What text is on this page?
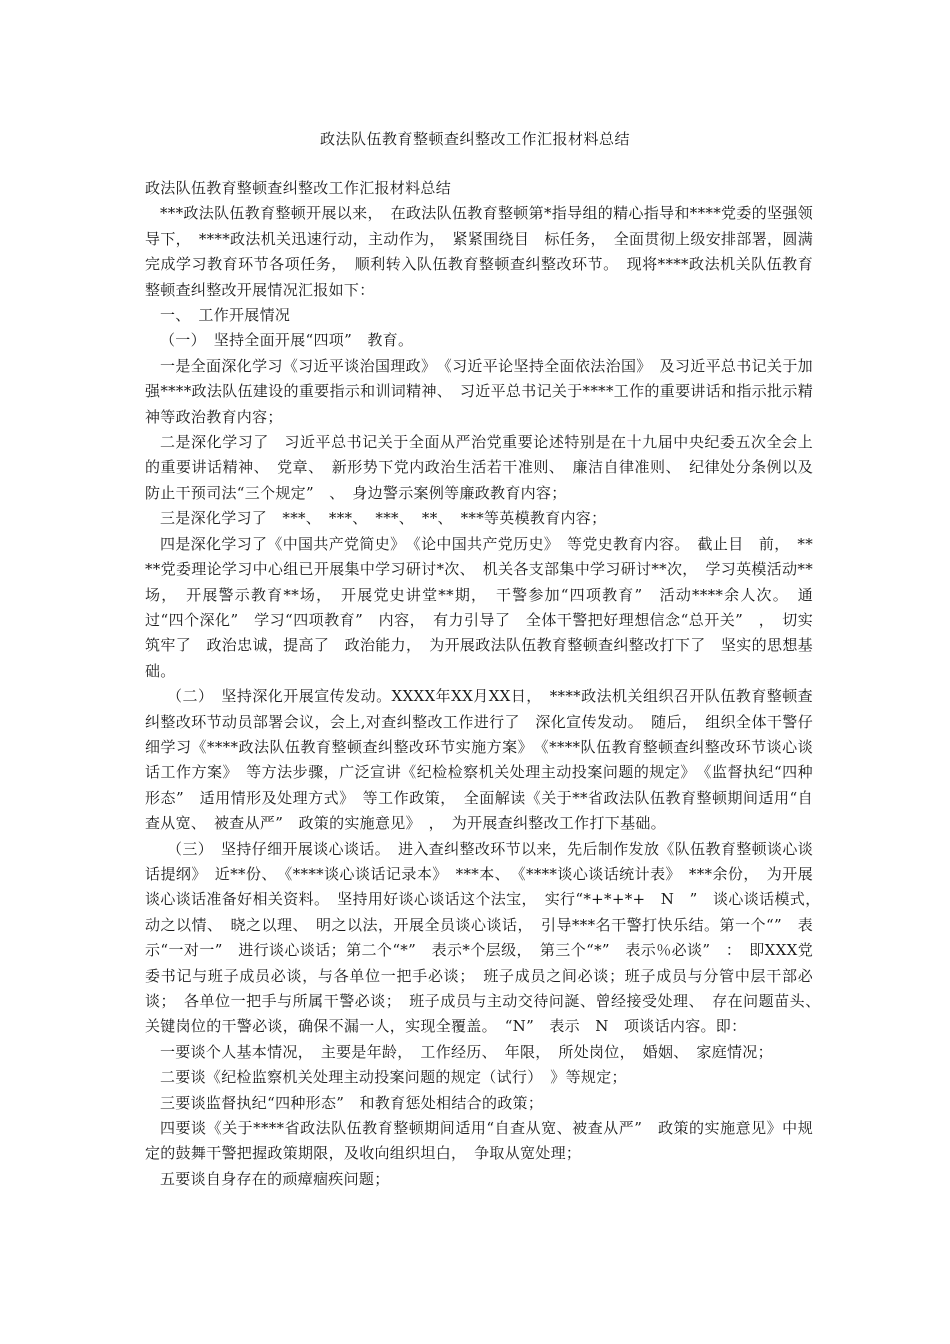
政法队伍教育整顿查纠整改工作汇报材料总结

政法队伍教育整顿查纠整改工作汇报材料总结

***政法队伍教育整顿开展以来，　在政法队伍教育整顿第*指导组的精心指导和****党委的坚强领导下，　****政法机关迅速行动，主动作为，　紧紧围绕目　标任务，　全面贯彻上级安排部署，圆满完成学习教育环节各项任务，　顺利转入队伍教育整顿查纠整改环节。　现将****政法机关队伍教育整顿查纠整改开展情况汇报如下：

一、　工作开展情况

（一）　坚持全面开展“四项”　教育。

一是全面深化学习《习近平谈治国理政》　《习近平论坚持全面依法治国》　及习近平总书记关于加强****政法队伍建设的重要指示和训词精神、　习近平总书记关于****工作的重要讲话和指示批示精神等政治教育内容；

二是深化学习了　习近平总书记关于全面从严治党重要论述特别是在十九届中央纪委五次全会上的重要讲话精神、　党章、　新形势下党内政治生活若干准则、　廉洁自律准则、　纪律处分条例以及防止干预司法“三个规定”　、　身边警示案例等廉政教育内容；

三是深化学习了　***、　***、　***、　**、　***等英模教育内容；

四是深化学习了《中国共产党简史》　《论中国共产党历史》　等党史教育内容。　截止目　前，　****党委理论学习中心组已开展集中学习研讨*次、　机关各支部集中学习研讨**次，　学习英模活动**场，　开展警示教育**场，　开展党史讲堂**期，　干警参加“四项教育”　活动****余人次。　通过“四个深化”　学习“四项教育”　内容，　有力引导了　全体干警把好理想信念“总开关”　，　切实筑牢了　政治忠诚，提高了　政治能力，　为开展政法队伍教育整顿查纠整改打下了　坚实的思想基础。

（二）　坚持深化开展宣传发动。XXXX年XX月XX日，　****政法机关组织召开队伍教育整顿查纠整改环节动员部署会议，会上,对查纠整改工作进行了　深化宣传发动。　随后，　组织全体干警仔细学习《****政法队伍教育整顿查纠整改环节实施方案》　《****队伍教育整顿查纠整改环节谈心谈话工作方案》　等方法步骤，广泛宣讲《纪检检察机关处理主动投案问题的规定》　《监督执纪“四种形态”　适用情形及处理方式》　等工作政策，　全面解读《关于**省政法队伍教育整顿期间适用“自查从宽、　被查从严”　政策的实施意见》　，　为开展查纠整改工作打下基础。

（三）　坚持仔细开展谈心谈话。　进入查纠整改环节以来，先后制作发放《队伍教育整顿谈心谈话提纲》　近**份、　《****谈心谈话记录本》　***本、　《****谈心谈话统计表》　***余份，　为开展谈心谈话准备好相关资料。　坚持用好谈心谈话这个法宝，　实行“*+*+*+　N　”　谈心谈话模式，　动之以情、　晓之以理、　明之以法，开展全员谈心谈话，　引导***名干警打快乐结。第一个“”　表示“一对一”　进行谈心谈话；第二个“*”　表示*个层级，　第三个“*”　表示％必谈”　：　即XXX党委书记与班子成员必谈，与各单位一把手必谈；　班子成员之间必谈；班子成员与分管中层干部必谈；　各单位一把手与所属干警必谈；　班子成员与主动交待问誕、曾经接受处理、　存在问题苗头、　关键岗位的干警必谈，确保不漏一人，实现全覆盖。　“N”　表示　N　项谈话内容。即：

一要谈个人基本情况，　主要是年龄，　工作经历、　年限，　所处岗位，　婚姻、　家庭情况；

二要谈《纪检监察机关处理主动投案问题的规定（试行）　》等规定；

三要谈监督执纪“四种形态”　和教育惩处相结合的政策；

四要谈《关于****省政法队伍教育整顿期间适用“自查从宽、被查从严”　政策的实施意见》中规定的鼓舞干警把握政策期限，及收向组织坦白，　争取从宽处理；

五要谈自身存在的顽瘴痼疾问题；
